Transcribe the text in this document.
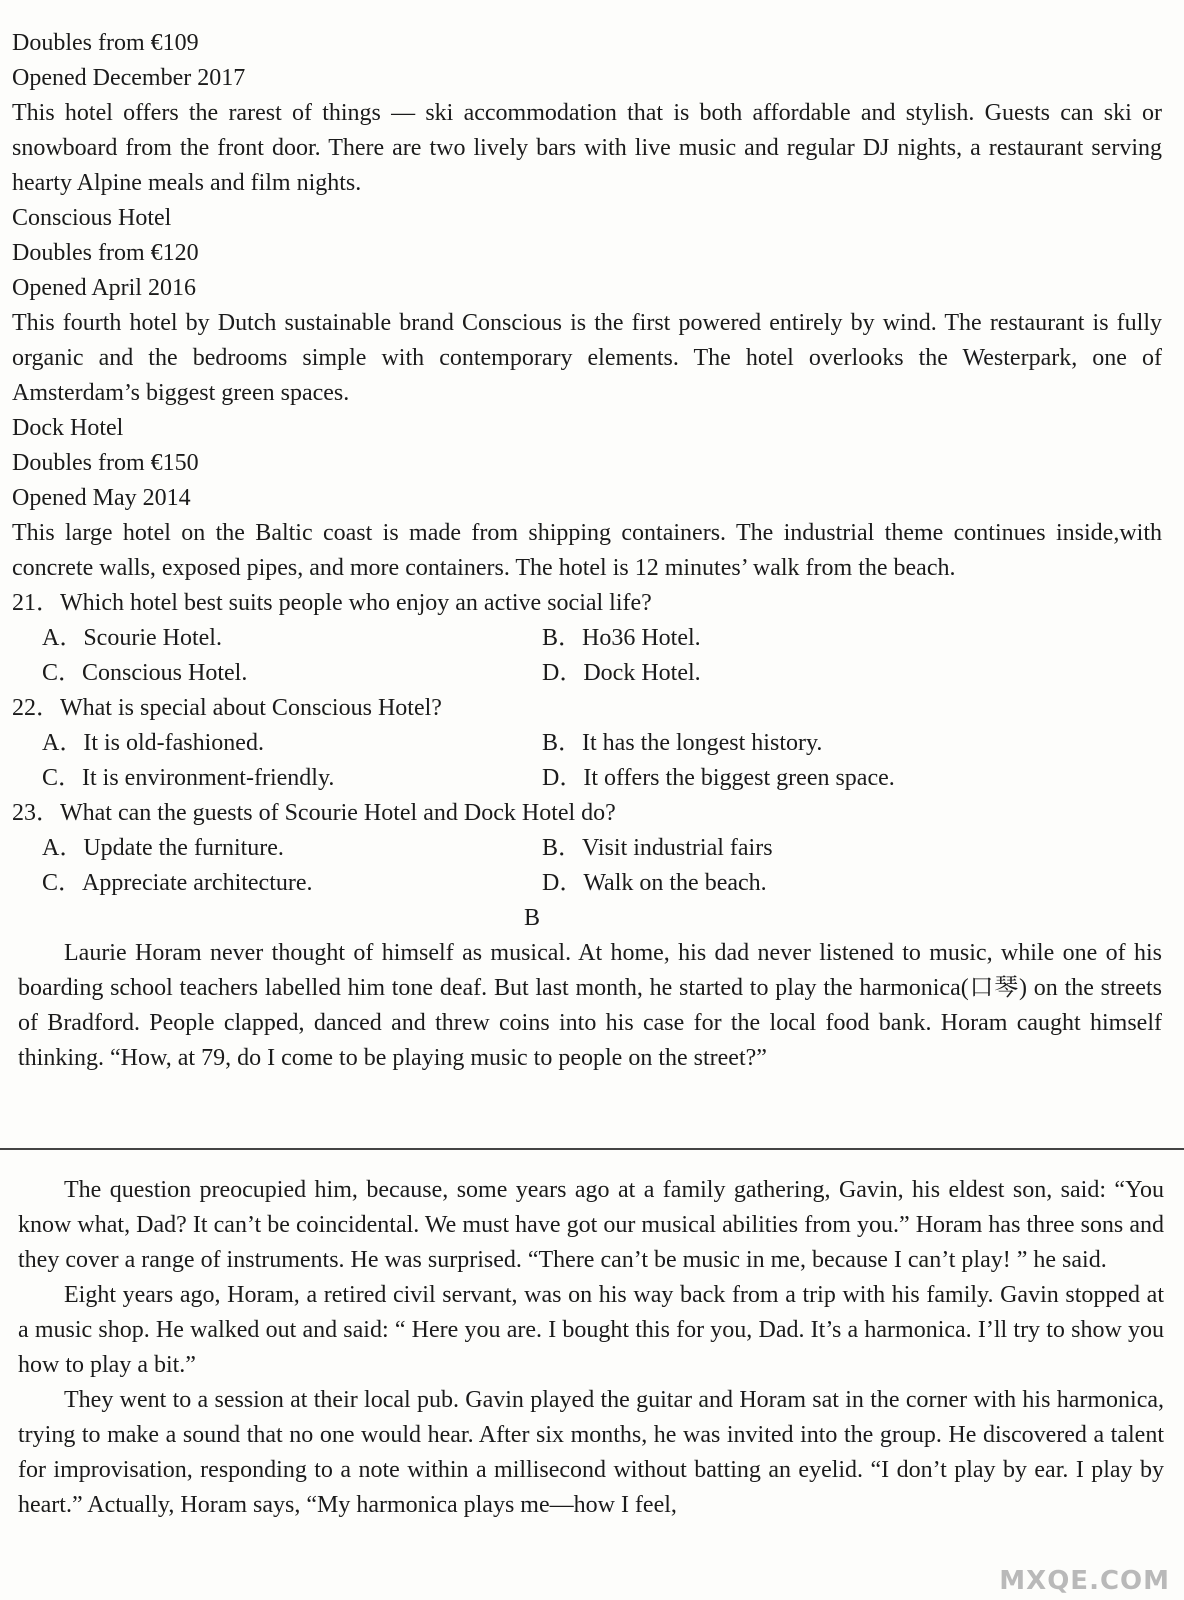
Doubles from €109
Opened December 2017

This hotel offers the rarest of things — ski accommodation that is both affordable and stylish. Guests can ski or snowboard from the front door. There are two lively bars with live music and regular DJ nights, a restaurant serving hearty Alpine meals and film nights.

Conscious Hotel
Doubles from €120
Opened April 2016

This fourth hotel by Dutch sustainable brand Conscious is the first powered entirely by wind. The restaurant is fully organic and the bedrooms simple with contemporary elements. The hotel overlooks the Westerpark, one of Amsterdam’s biggest green spaces.

Dock Hotel
Doubles from €150
Opened May 2014

This large hotel on the Baltic coast is made from shipping containers. The industrial theme continues inside,with concrete walls, exposed pipes, and more containers. The hotel is 12 minutes’ walk from the beach.

21．Which hotel best suits people who enjoy an active social life?
A．Scourie Hotel.	B．Ho36 Hotel.
C．Conscious Hotel.	D．Dock Hotel.
22．What is special about Conscious Hotel?
A．It is old-fashioned.	B．It has the longest history.
C．It is environment-friendly.	D．It offers the biggest green space.
23．What can the guests of Scourie Hotel and Dock Hotel do?
A．Update the furniture.	B．Visit industrial fairs
C．Appreciate architecture.	D．Walk on the beach.
B

Laurie Horam never thought of himself as musical. At home, his dad never listened to music, while one of his boarding school teachers labelled him tone deaf. But last month, he started to play the harmonica(口琴) on the streets of Bradford. People clapped, danced and threw coins into his case for the local food bank. Horam caught himself thinking. “How, at 79, do I come to be playing music to people on the street?”

The question preocupied him, because, some years ago at a family gathering, Gavin, his eldest son, said: “You know what, Dad? It can’t be coincidental. We must have got our musical abilities from you.” Horam has three sons and they cover a range of instruments. He was surprised. “There can’t be music in me, because I can’t play! ” he said.

Eight years ago, Horam, a retired civil servant, was on his way back from a trip with his family. Gavin stopped at a music shop. He walked out and said: “ Here you are. I bought this for you, Dad. It’s a harmonica. I’ll try to show you how to play a bit.”

They went to a session at their local pub. Gavin played the guitar and Horam sat in the corner with his harmonica, trying to make a sound that no one would hear. After six months, he was invited into the group. He discovered a talent for improvisation, responding to a note within a millisecond without batting an eyelid. “I don’t play by ear. I play by heart.” Actually, Horam says, “My harmonica plays me—how I feel,

MXQE.COM
